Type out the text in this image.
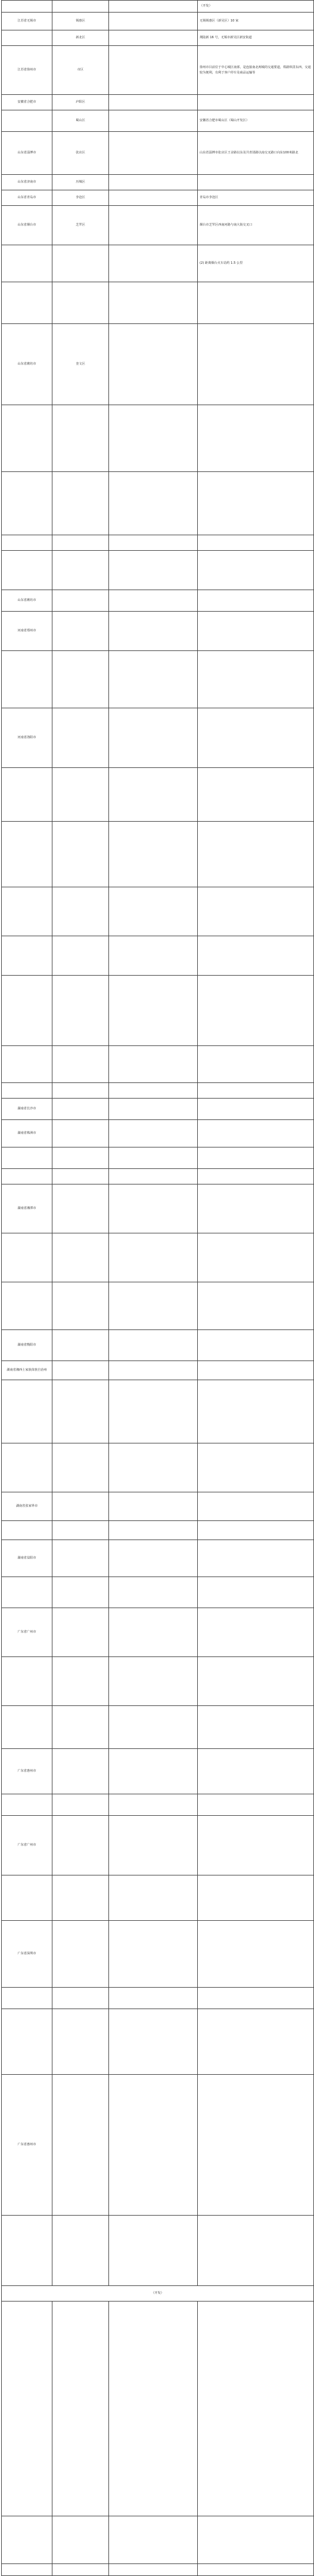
			（开发）
江苏省无锡市	锡惠区		无锡锡惠区（新吴区）10 家
	新北区		荆陆新 16 号，无锡市新吴区新安街道
江苏省徐州市	市区		徐州市目前位于中心城区南部，是连接南北两城的交通要道，铁路纵贯东西，交通较为便利，有利于客户停车及商品运输等
安徽省合肥市	庐阳区		
	蜀山区		安徽省合肥市蜀山区（蜀山开发区）
山东省淄博市	张店区		山东省淄博市张店区王舍路以东及共青团路以南交叉路口向东100米路北
山东省济南市	历城区		
山东省青岛市	李沧区		青岛市李沧区
山东省烟台市	芝罘区		烟台市芝罘区西南河路与南大街交叉口
			(2) 距离烟台火车站约 1.5 公里

山东省潍坊市	奎文区		

山东省潍坊市			
河南省郑州市			

河南省洛阳市			

湖南省长沙市			
湖南省株洲市			

湖南省湘潭市			

湖南省衡阳市			
湖南省湘西土家族苗族自治州			

湖南省张家界市			

湖南省益阳市			

广东省广州市			

广东省惠州市			

广东省广州市			

广东省深圳市			

广东省惠州市			

（开发）			
